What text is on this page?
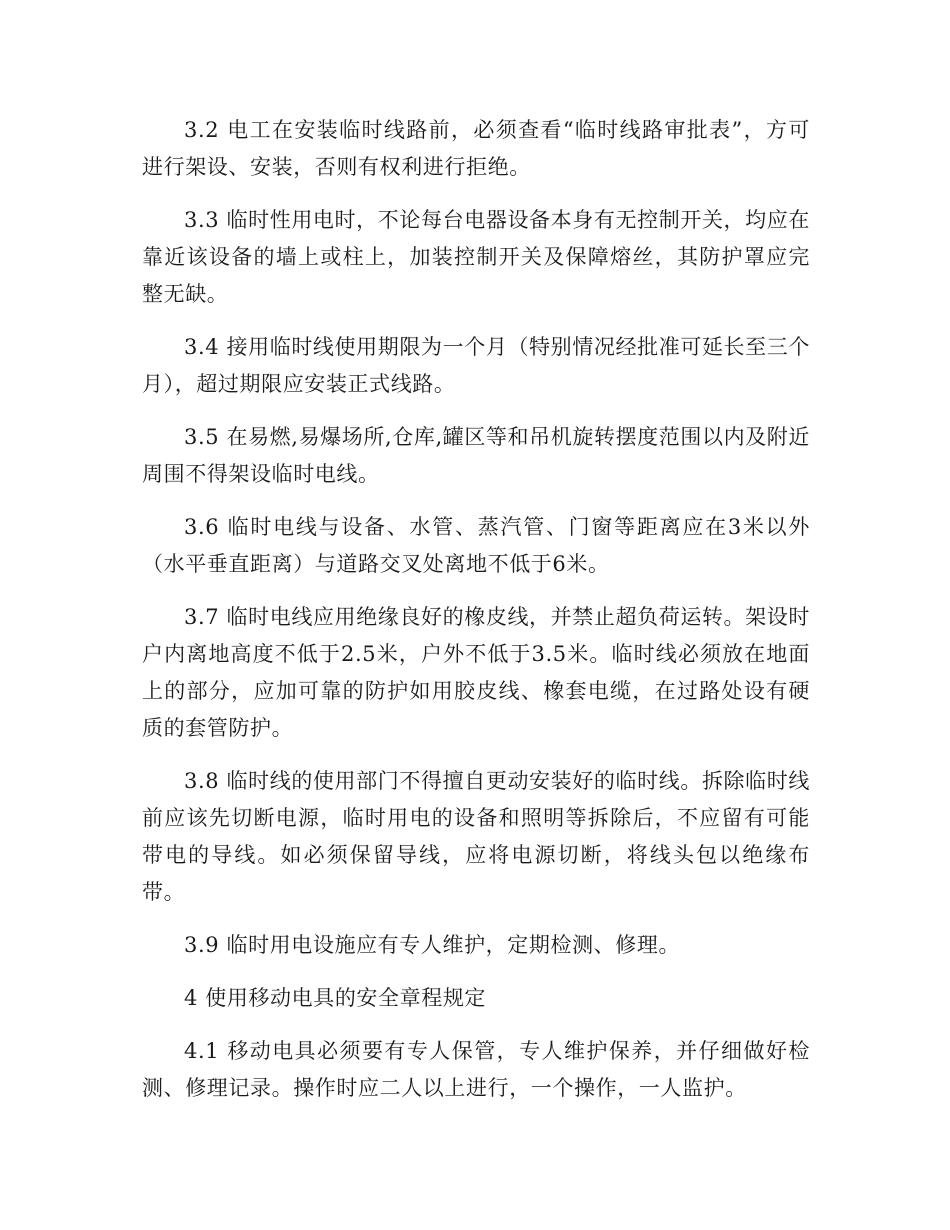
3.2 电工在安装临时线路前，必须查看“临时线路审批表”，方可进行架设、安装，否则有权利进行拒绝。

3.3 临时性用电时，不论每台电器设备本身有无控制开关，均应在靠近该设备的墙上或柱上，加装控制开关及保障熔丝，其防护罩应完整无缺。

3.4 接用临时线使用期限为一个月（特别情况经批准可延长至三个月），超过期限应安装正式线路。

3.5 在易燃,易爆场所,仓库,罐区等和吊机旋转摆度范围以内及附近周围不得架设临时电线。

3.6 临时电线与设备、水管、蒸汽管、门窗等距离应在3米以外（水平垂直距离）与道路交叉处离地不低于6米。

3.7 临时电线应用绝缘良好的橡皮线，并禁止超负荷运转。架设时户内离地高度不低于2.5米，户外不低于3.5米。临时线必须放在地面上的部分，应加可靠的防护如用胶皮线、橡套电缆，在过路处设有硬质的套管防护。

3.8 临时线的使用部门不得擅自更动安装好的临时线。拆除临时线前应该先切断电源，临时用电的设备和照明等拆除后，不应留有可能带电的导线。如必须保留导线，应将电源切断，将线头包以绝缘布带。

3.9 临时用电设施应有专人维护，定期检测、修理。

4 使用移动电具的安全章程规定

4.1 移动电具必须要有专人保管，专人维护保养，并仔细做好检测、修理记录。操作时应二人以上进行，一个操作，一人监护。
